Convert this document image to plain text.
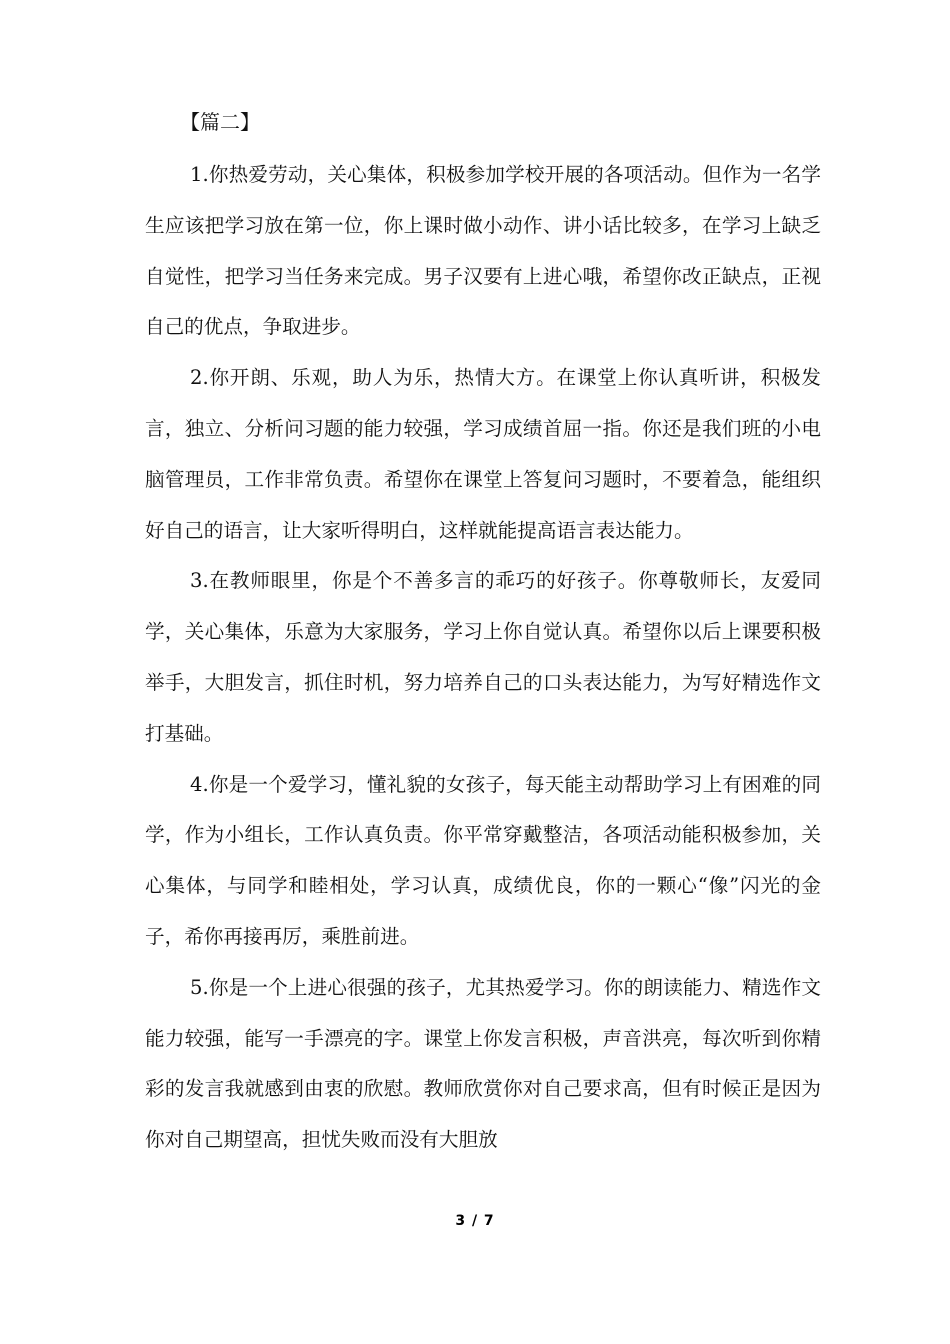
【篇二】

1.你热爱劳动，关心集体，积极参加学校开展的各项活动。但作为一名学生应该把学习放在第一位，你上课时做小动作、讲小话比较多，在学习上缺乏自觉性，把学习当任务来完成。男子汉要有上进心哦，希望你改正缺点，正视自己的优点，争取进步。

2.你开朗、乐观，助人为乐，热情大方。在课堂上你认真听讲，积极发言，独立、分析问习题的能力较强，学习成绩首屈一指。你还是我们班的小电脑管理员，工作非常负责。希望你在课堂上答复问习题时，不要着急，能组织好自己的语言，让大家听得明白，这样就能提高语言表达能力。

3.在教师眼里，你是个不善多言的乖巧的好孩子。你尊敬师长，友爱同学，关心集体，乐意为大家服务，学习上你自觉认真。希望你以后上课要积极举手，大胆发言，抓住时机，努力培养自己的口头表达能力，为写好精选作文打基础。

4.你是一个爱学习，懂礼貌的女孩子，每天能主动帮助学习上有困难的同学，作为小组长，工作认真负责。你平常穿戴整洁，各项活动能积极参加，关心集体，与同学和睦相处，学习认真，成绩优良，你的一颗心“像”闪光的金子，希你再接再厉，乘胜前进。

5.你是一个上进心很强的孩子，尤其热爱学习。你的朗读能力、精选作文能力较强，能写一手漂亮的字。课堂上你发言积极，声音洪亮，每次听到你精彩的发言我就感到由衷的欣慰。教师欣赏你对自己要求高，但有时候正是因为你对自己期望高，担忧失败而没有大胆放

3 / 7
